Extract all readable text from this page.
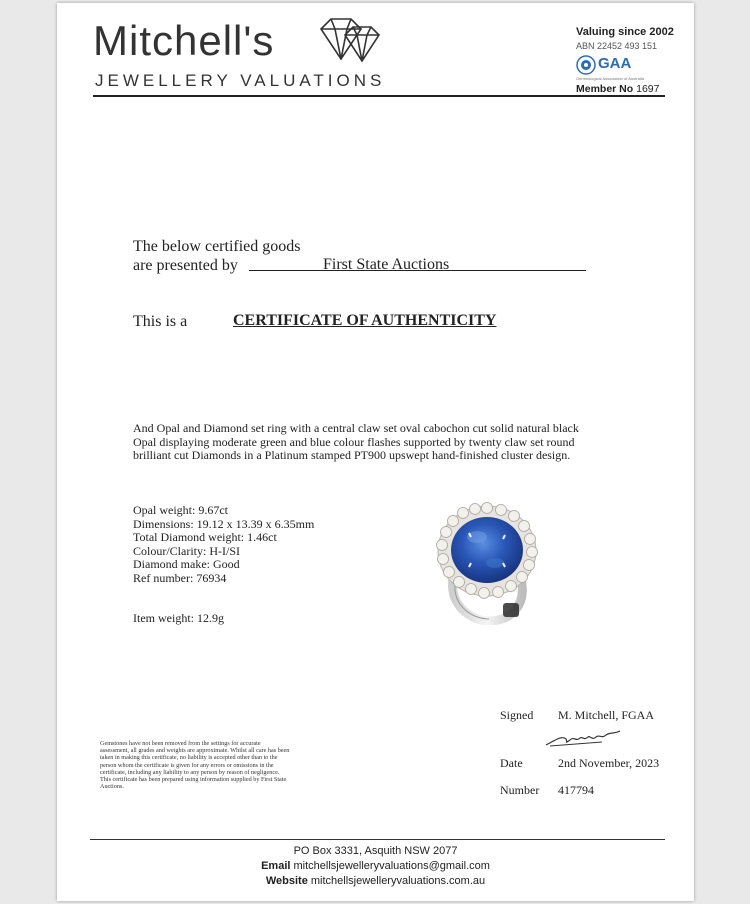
Mitchell's
JEWELLERY VALUATIONS
Valuing since 2002
ABN 22452 493 151
GAA
Gemmological Association of Australia
Member No 1697
The below certified goods
are presented by	First State Auctions
This is a	CERTIFICATE OF AUTHENTICITY
And Opal and Diamond set ring with a central claw set oval cabochon cut solid natural black Opal displaying moderate green and blue colour flashes supported by twenty claw set round brilliant cut Diamonds in a Platinum stamped PT900 upswept hand-finished cluster design.
Opal weight: 9.67ct
Dimensions: 19.12 x 13.39 x 6.35mm
Total Diamond weight: 1.46ct
Colour/Clarity: H-I/SI
Diamond make: Good
Ref number: 76934
Item weight: 12.9g
Gemstones have not been removed from the settings for accurate assessment, all grades and weights are approximate. Whilst all care has been taken in making this certificate, no liability is accepted other than to the person whom the certificate is given for any errors or omissions in the certificate, including any liability to any person by reason of negligence. This certificate has been prepared using information supplied by First State Auctions.
Signed M. Mitchell, FGAA
Date	2nd November, 2023
Number 417794
PO Box 3331, Asquith NSW 2077
Email mitchellsjewelleryvaluations@gmail.com
Website mitchellsjewelleryvaluations.com.au
